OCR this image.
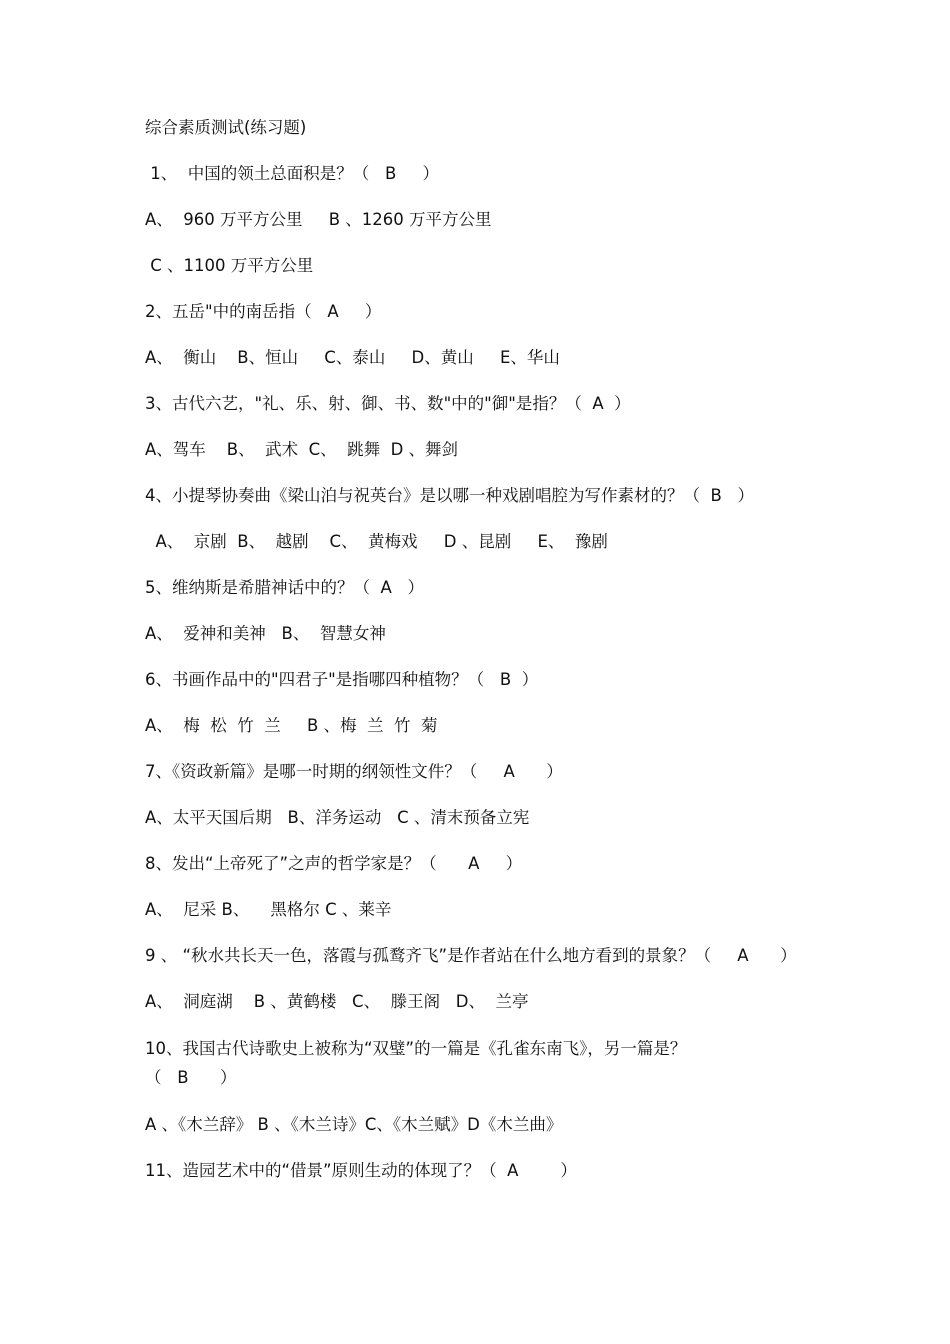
综合素质测试(练习题)

1、  中国的领土总面积是？（   B     ）

A、  960 万平方公里     B 、1260 万平方公里

C 、1100 万平方公里

2、五岳"中的南岳指（   A     ）

A、  衡山    B、恒山     C、泰山     D、黄山     E、华山

3、古代六艺，"礼、乐、射、御、书、数"中的"御"是指？（  A  ）

A、驾车    B、  武术  C、  跳舞  D 、舞剑

4、小提琴协奏曲《梁山泊与祝英台》是以哪一种戏剧唱腔为写作素材的？（  B   ）

A、  京剧  B、  越剧    C、  黄梅戏     D 、昆剧     E、  豫剧

5、维纳斯是希腊神话中的？（  A   ）

A、  爱神和美神   B、  智慧女神

6、书画作品中的"四君子"是指哪四种植物？（   B  ）

A、  梅  松  竹  兰     B 、梅  兰  竹  菊

7、《资政新篇》是哪一时期的纲领性文件？（     A      ）

A、太平天国后期   B、洋务运动   C 、清末预备立宪

8、发出“上帝死了”之声的哲学家是？（      A     ）

A、  尼采 B、    黑格尔 C 、莱辛

9 、 “秋水共长天一色，落霞与孤鹜齐飞”是作者站在什么地方看到的景象？（     A      ）

A、  洞庭湖    B 、黄鹤楼   C、  滕王阁   D、  兰亭

10、我国古代诗歌史上被称为“双璧”的一篇是《孔雀东南飞》，另一篇是？

（   B      ）

A 、《木兰辞》 B 、《木兰诗》C、《木兰赋》D《木兰曲》

11、造园艺术中的“借景”原则生动的体现了？（  A        ）
